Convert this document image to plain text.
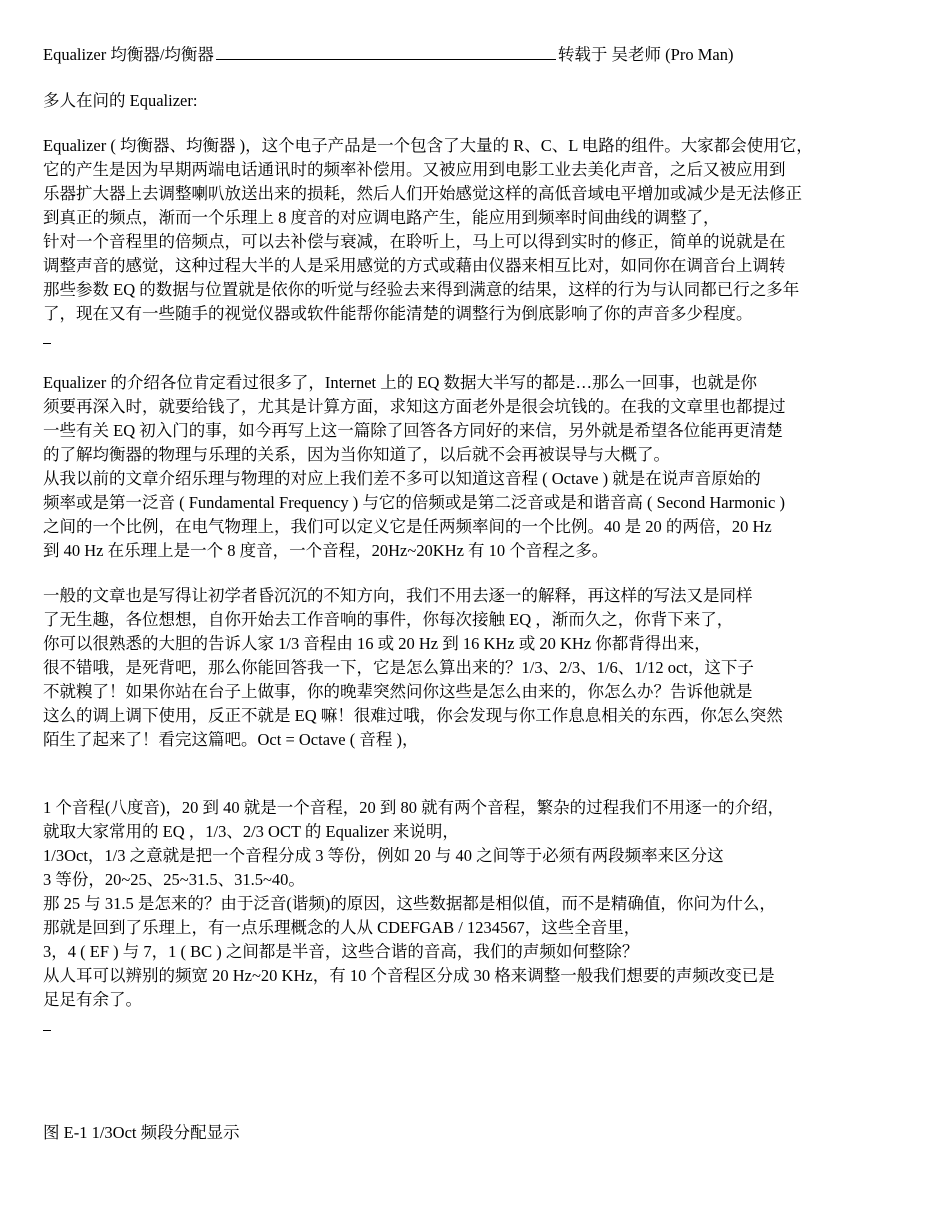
Equalizer 均衡器/均衡器	转载于 吴老师 (Pro Man)
多人在问的 Equalizer:
Equalizer ( 均衡器、均衡器 )，这个电子产品是一个包含了大量的 R、C、L 电路的组件。大家都会使用它，
它的产生是因为早期两端电话通讯时的频率补偿用。又被应用到电影工业去美化声音，之后又被应用到
乐器扩大器上去调整喇叭放送出来的损耗，然后人们开始感觉这样的高低音域电平增加或减少是无法修正
到真正的频点，渐而一个乐理上 8 度音的对应调电路产生，能应用到频率时间曲线的调整了，
针对一个音程里的倍频点，可以去补偿与衰减，在聆听上，马上可以得到实时的修正，简单的说就是在
调整声音的感觉，这种过程大半的人是采用感觉的方式或藉由仪器来相互比对，如同你在调音台上调转
那些参数 EQ 的数据与位置就是依你的听觉与经验去来得到满意的结果，这样的行为与认同都已行之多年
了，现在又有一些随手的视觉仪器或软件能帮你能清楚的调整行为倒底影响了你的声音多少程度。
Equalizer 的介绍各位肯定看过很多了，Internet 上的 EQ 数据大半写的都是…那么一回事，也就是你
须要再深入时，就要给钱了，尤其是计算方面，求知这方面老外是很会坑钱的。在我的文章里也都提过
一些有关 EQ 初入门的事，如今再写上这一篇除了回答各方同好的来信，另外就是希望各位能再更清楚
的了解均衡器的物理与乐理的关系，因为当你知道了，以后就不会再被误导与大概了。
从我以前的文章介绍乐理与物理的对应上我们差不多可以知道这音程 ( Octave ) 就是在说声音原始的
频率或是第一泛音 ( Fundamental Frequency ) 与它的倍频或是第二泛音或是和谐音高 ( Second Harmonic )
之间的一个比例，在电气物理上，我们可以定义它是任两频率间的一个比例。40 是 20 的两倍，20 Hz
到 40 Hz 在乐理上是一个 8 度音，一个音程，20Hz~20KHz 有 10 个音程之多。
一般的文章也是写得让初学者昏沉沉的不知方向，我们不用去逐一的解释，再这样的写法又是同样
了无生趣，各位想想，自你开始去工作音响的事件，你每次接触 EQ ，渐而久之，你背下来了，
你可以很熟悉的大胆的告诉人家 1/3 音程由 16 或 20 Hz 到 16 KHz 或 20 KHz 你都背得出来，
很不错哦，是死背吧，那么你能回答我一下，它是怎么算出来的？1/3、2/3、1/6、1/12 oct，这下子
不就糗了！如果你站在台子上做事，你的晚辈突然问你这些是怎么由来的，你怎么办？告诉他就是
这么的调上调下使用，反正不就是 EQ 嘛！很难过哦，你会发现与你工作息息相关的东西，你怎么突然
陌生了起来了！看完这篇吧。Oct = Octave ( 音程 )，
1 个音程(八度音)，20 到 40 就是一个音程，20 到 80 就有两个音程，繁杂的过程我们不用逐一的介绍，
就取大家常用的 EQ ，1/3、2/3 OCT 的 Equalizer 来说明，
1/3Oct，1/3 之意就是把一个音程分成 3 等份，例如 20 与 40 之间等于必须有两段频率来区分这
3 等份，20~25、25~31.5、31.5~40。
那 25 与 31.5 是怎来的？由于泛音(谐频)的原因，这些数据都是相似值，而不是精确值，你问为什么，
那就是回到了乐理上，有一点乐理概念的人从 CDEFGAB / 1234567，这些全音里，
3，4 ( EF ) 与 7，1 ( BC ) 之间都是半音，这些合谐的音高，我们的声频如何整除？
从人耳可以辨别的频宽 20 Hz~20 KHz，有 10 个音程区分成 30 格来调整一般我们想要的声频改变已是
足足有余了。
图 E-1 1/3Oct 频段分配显示
